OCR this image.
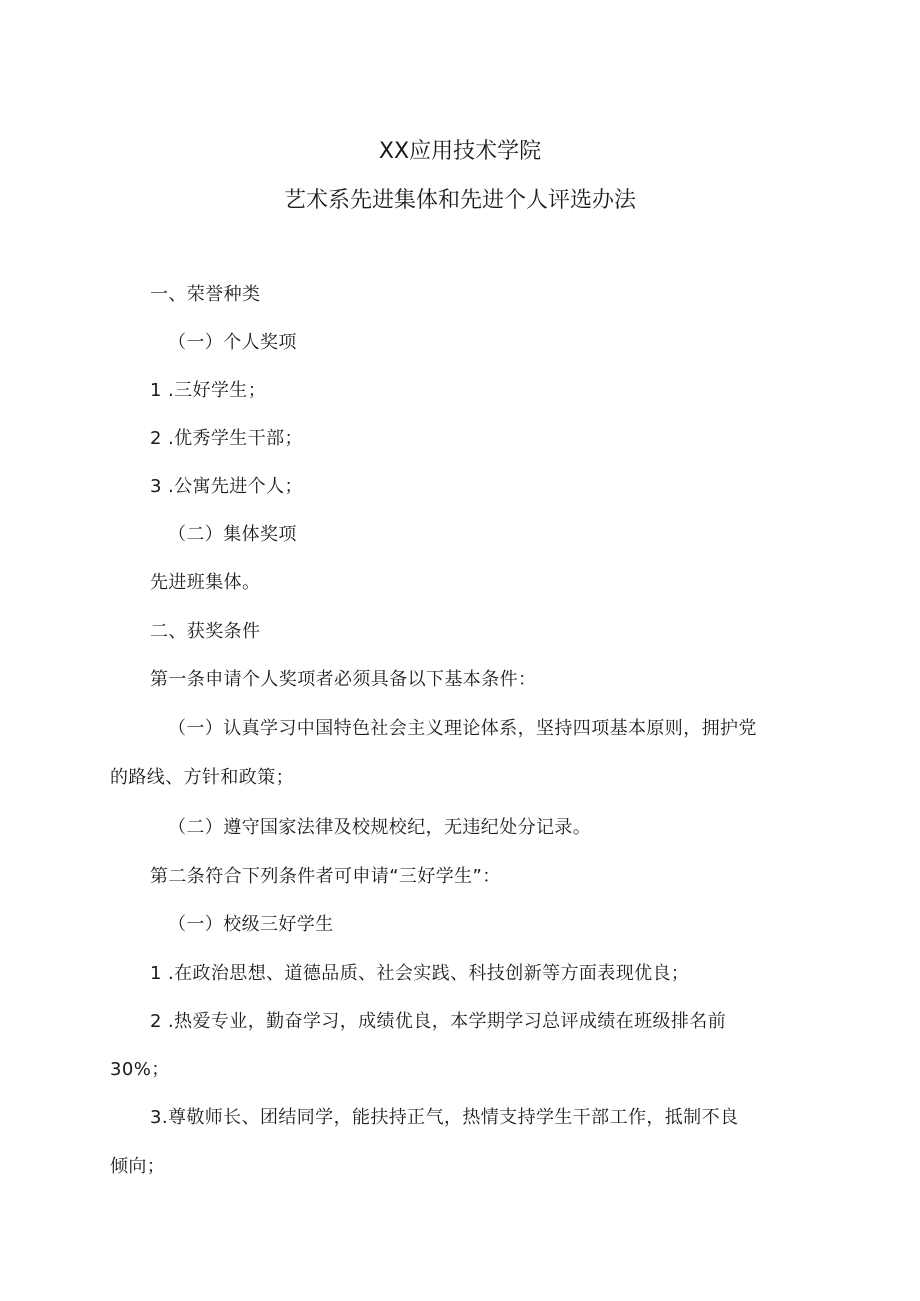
XX应用技术学院
艺术系先进集体和先进个人评选办法
一、荣誉种类
（一）个人奖项
1 .三好学生；
2 .优秀学生干部；
3 .公寓先进个人；
（二）集体奖项
先进班集体。
二、获奖条件
第一条申请个人奖项者必须具备以下基本条件：
（一）认真学习中国特色社会主义理论体系，坚持四项基本原则，拥护党
的路线、方针和政策；
（二）遵守国家法律及校规校纪，无违纪处分记录。
第二条符合下列条件者可申请“三好学生”：
（一）校级三好学生
1 .在政治思想、道德品质、社会实践、科技创新等方面表现优良；
2 .热爱专业，勤奋学习，成绩优良，本学期学习总评成绩在班级排名前
30%；
3.尊敬师长、团结同学，能扶持正气，热情支持学生干部工作，抵制不良
倾向；
